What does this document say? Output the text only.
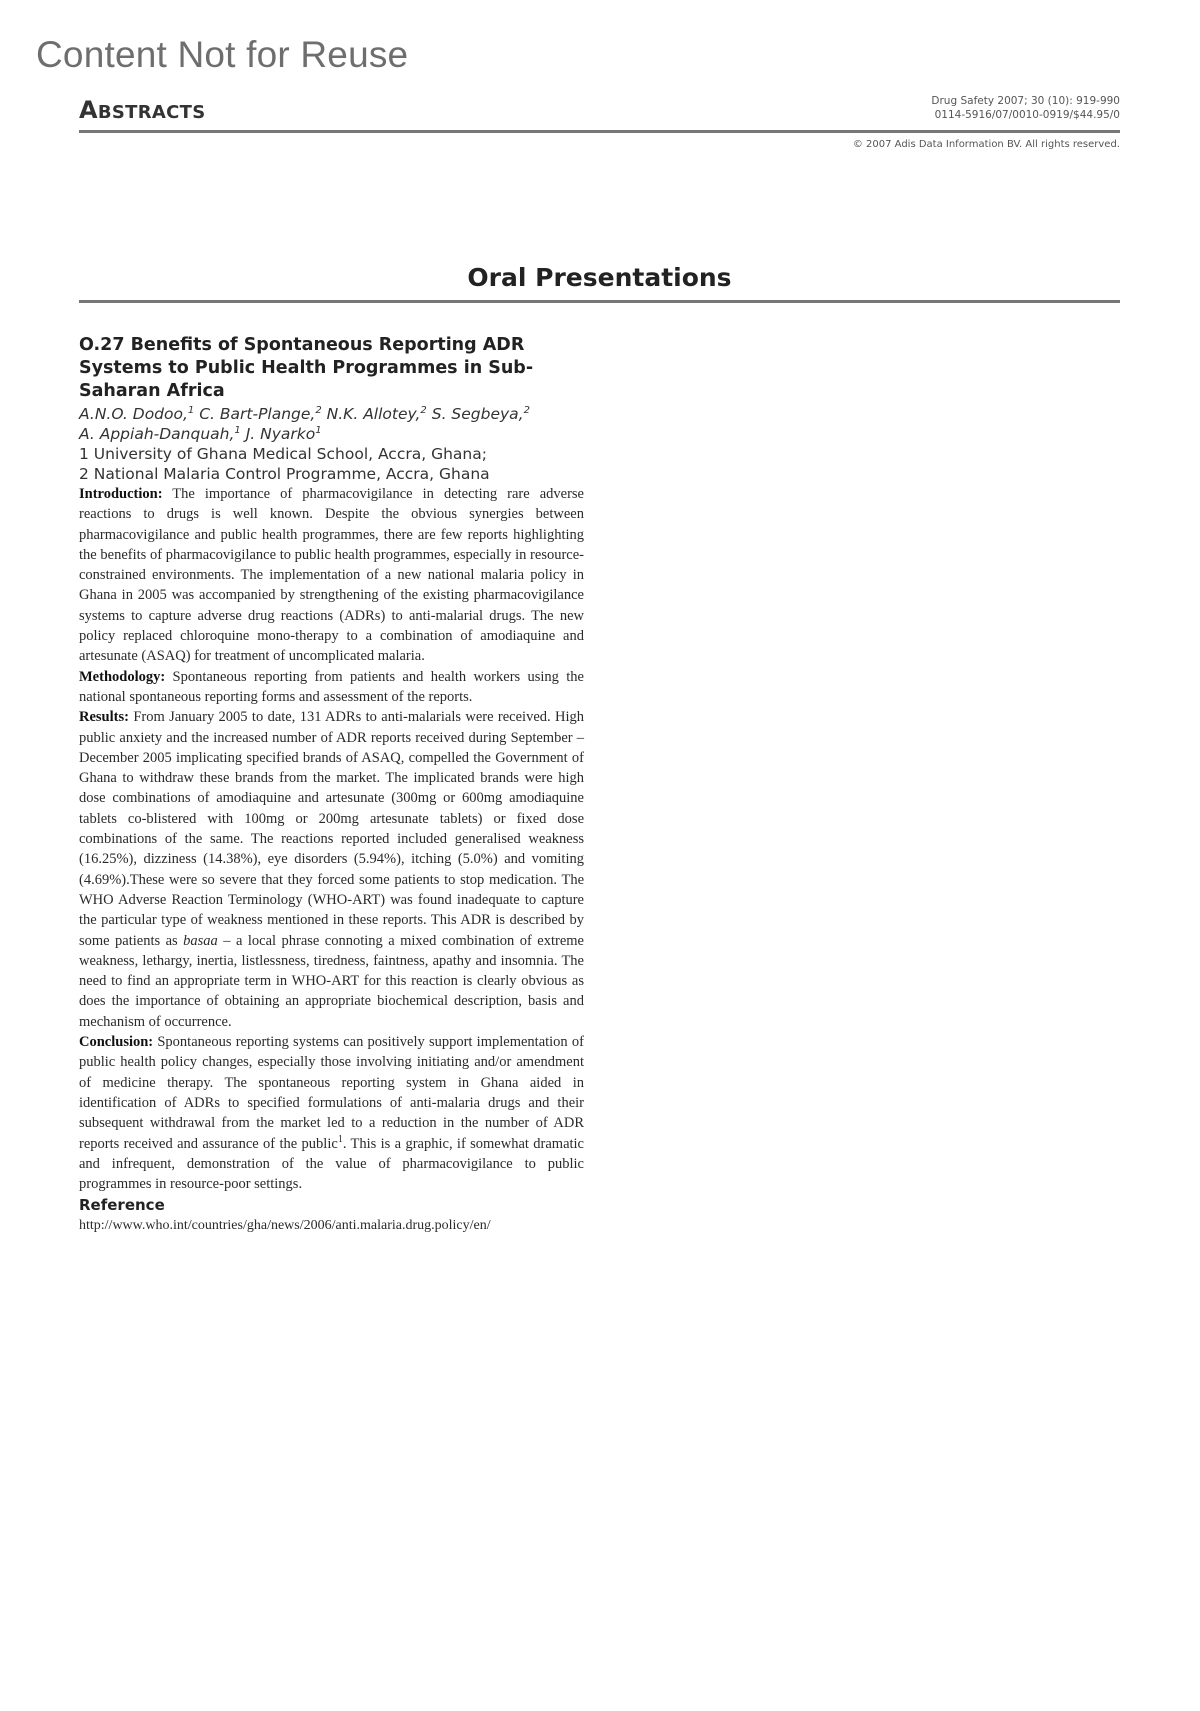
Content Not for Reuse
ABSTRACTS
Drug Safety 2007; 30 (10): 919-990
0114-5916/07/0010-0919/$44.95/0
© 2007 Adis Data Information BV. All rights reserved.
Oral Presentations
O.27 Benefits of Spontaneous Reporting ADR Systems to Public Health Programmes in Sub-Saharan Africa
A.N.O. Dodoo,$^1$ C. Bart-Plange,$^2$ N.K. Allotey,$^2$ S. Segbeya,$^2$
A. Appiah-Danquah,$^1$ J. Nyarko$^1$
1 University of Ghana Medical School, Accra, Ghana;
2 National Malaria Control Programme, Accra, Ghana

Introduction: The importance of pharmacovigilance in detecting rare adverse reactions to drugs is well known. Despite the obvious synergies between pharmacovigilance and public health programmes, there are few reports highlighting the benefits of pharmacovigilance to public health programmes, especially in resource-constrained environments. The implementation of a new national malaria policy in Ghana in 2005 was accompanied by strengthening of the existing pharmacovigilance systems to capture adverse drug reactions (ADRs) to anti-malarial drugs. The new policy replaced chloroquine mono-therapy to a combination of amodiaquine and artesunate (ASAQ) for treatment of uncomplicated malaria.

Methodology: Spontaneous reporting from patients and health workers using the national spontaneous reporting forms and assessment of the reports.

Results: From January 2005 to date, 131 ADRs to anti-malarials were received. High public anxiety and the increased number of ADR reports received during September – December 2005 implicating specified brands of ASAQ, compelled the Government of Ghana to withdraw these brands from the market. The implicated brands were high dose combinations of amodiaquine and artesunate (300mg or 600mg amodiaquine tablets co-blistered with 100mg or 200mg artesunate tablets) or fixed dose combinations of the same. The reactions reported included generalised weakness (16.25%), dizziness (14.38%), eye disorders (5.94%), itching (5.0%) and vomiting (4.69%).These were so severe that they forced some patients to stop medication. The WHO Adverse Reaction Terminology (WHO-ART) was found inadequate to capture the particular type of weakness mentioned in these reports. This ADR is described by some patients as basaa – a local phrase connoting a mixed combination of extreme weakness, lethargy, inertia, listlessness, tiredness, faintness, apathy and insomnia. The need to find an appropriate term in WHO-ART for this reaction is clearly obvious as does the importance of obtaining an appropriate biochemical description, basis and mechanism of occurrence.

Conclusion: Spontaneous reporting systems can positively support implementation of public health policy changes, especially those involving initiating and/or amendment of medicine therapy. The spontaneous reporting system in Ghana aided in identification of ADRs to specified formulations of anti-malaria drugs and their subsequent withdrawal from the market led to a reduction in the number of ADR reports received and assurance of the public$^1$. This is a graphic, if somewhat dramatic and infrequent, demonstration of the value of pharmacovigilance to public programmes in resource-poor settings.

Reference
http://www.who.int/countries/gha/news/2006/anti.malaria.drug.policy/en/
